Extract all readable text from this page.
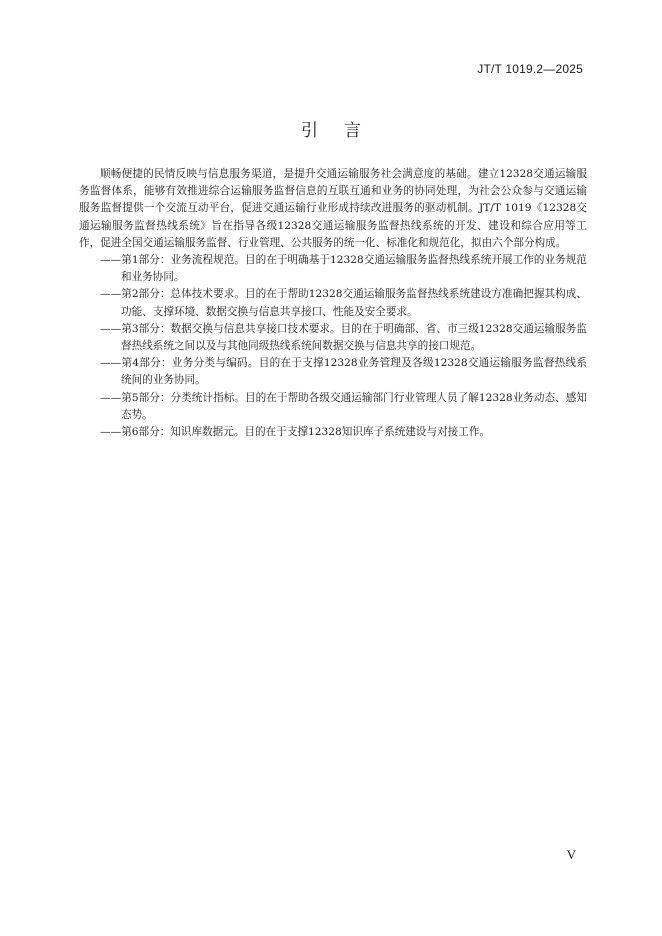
JT/T 1019.2—2025
引言

顺畅便捷的民情反映与信息服务渠道，是提升交通运输服务社会满意度的基础。建立12328交通运输服务监督体系，能够有效推进综合运输服务监督信息的互联互通和业务的协同处理，为社会公众参与交通运输服务监督提供一个交流互动平台，促进交通运输行业形成持续改进服务的驱动机制。JT/T 1019《12328交通运输服务监督热线系统》旨在指导各级12328交通运输服务监督热线系统的开发、建设和综合应用等工作，促进全国交通运输服务监督、行业管理、公共服务的统一化、标准化和规范化，拟由六个部分构成。

——第1部分：业务流程规范。目的在于明确基于12328交通运输服务监督热线系统开展工作的业务规范和业务协同。
——第2部分：总体技术要求。目的在于帮助12328交通运输服务监督热线系统建设方准确把握其构成、功能、支撑环境、数据交换与信息共享接口、性能及安全要求。
——第3部分：数据交换与信息共享接口技术要求。目的在于明确部、省、市三级12328交通运输服务监督热线系统之间以及与其他同级热线系统间数据交换与信息共享的接口规范。
——第4部分：业务分类与编码。目的在于支撑12328业务管理及各级12328交通运输服务监督热线系统间的业务协同。
——第5部分：分类统计指标。目的在于帮助各级交通运输部门行业管理人员了解12328业务动态、感知态势。
——第6部分：知识库数据元。目的在于支撑12328知识库子系统建设与对接工作。
V
